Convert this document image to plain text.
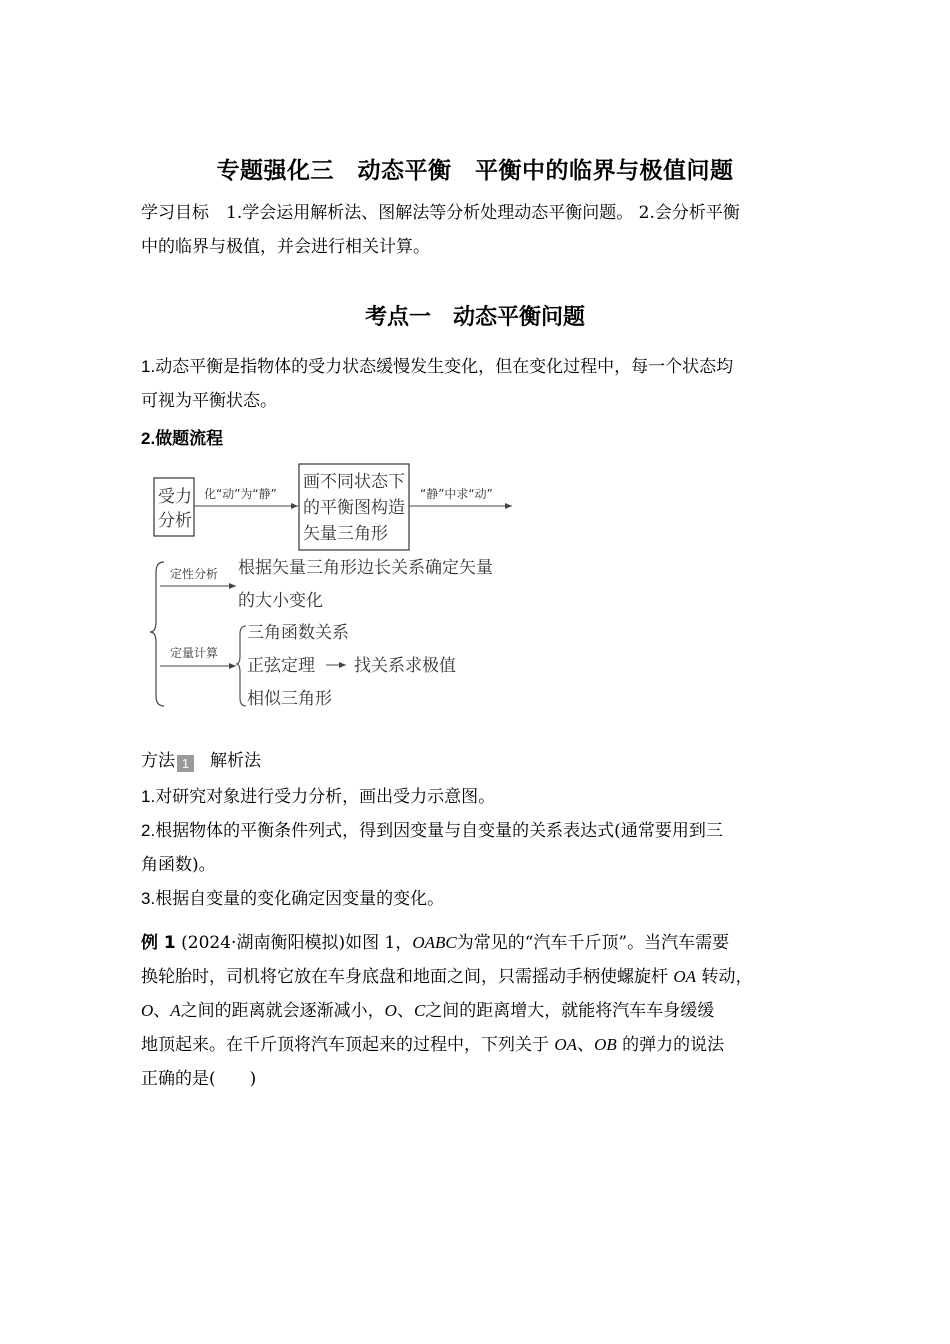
专题强化三　动态平衡　平衡中的临界与极值问题
学习目标　 1.学会运用解析法、图解法等分析处理动态平衡问题。 2.会分析平衡
中的临界与极值，并会进行相关计算。
考点一　动态平衡问题
1.动态平衡是指物体的受力状态缓慢发生变化，但在变化过程中，每一个状态均
可视为平衡状态。
2.做题流程
受力
分析
化“动”为“静”
画不同状态下
的平衡图构造
矢量三角形
“静”中求“动”
定性分析 根据矢量三角形边长关系确定矢量
的大小变化
定量计算
三角函数关系
正弦定理 找关系求极值
相似三角形
方法 1 解析法
1.对研究对象进行受力分析，画出受力示意图。
2.根据物体的平衡条件列式，得到因变量与自变量的关系表达式(通常要用到三
角函数)。
3.根据自变量的变化确定因变量的变化。
例 1 (2024·湖南衡阳模拟)如图 1，OABC为常见的“汽车千斤顶”。当汽车需要
换轮胎时，司机将它放在车身底盘和地面之间，只需摇动手柄使螺旋杆 OA 转动，
O、A之间的距离就会逐渐减小，O、C之间的距离增大，就能将汽车车身缓缓
地顶起来。在千斤顶将汽车顶起来的过程中，下列关于 OA、OB 的弹力的说法
正确的是(　　)
